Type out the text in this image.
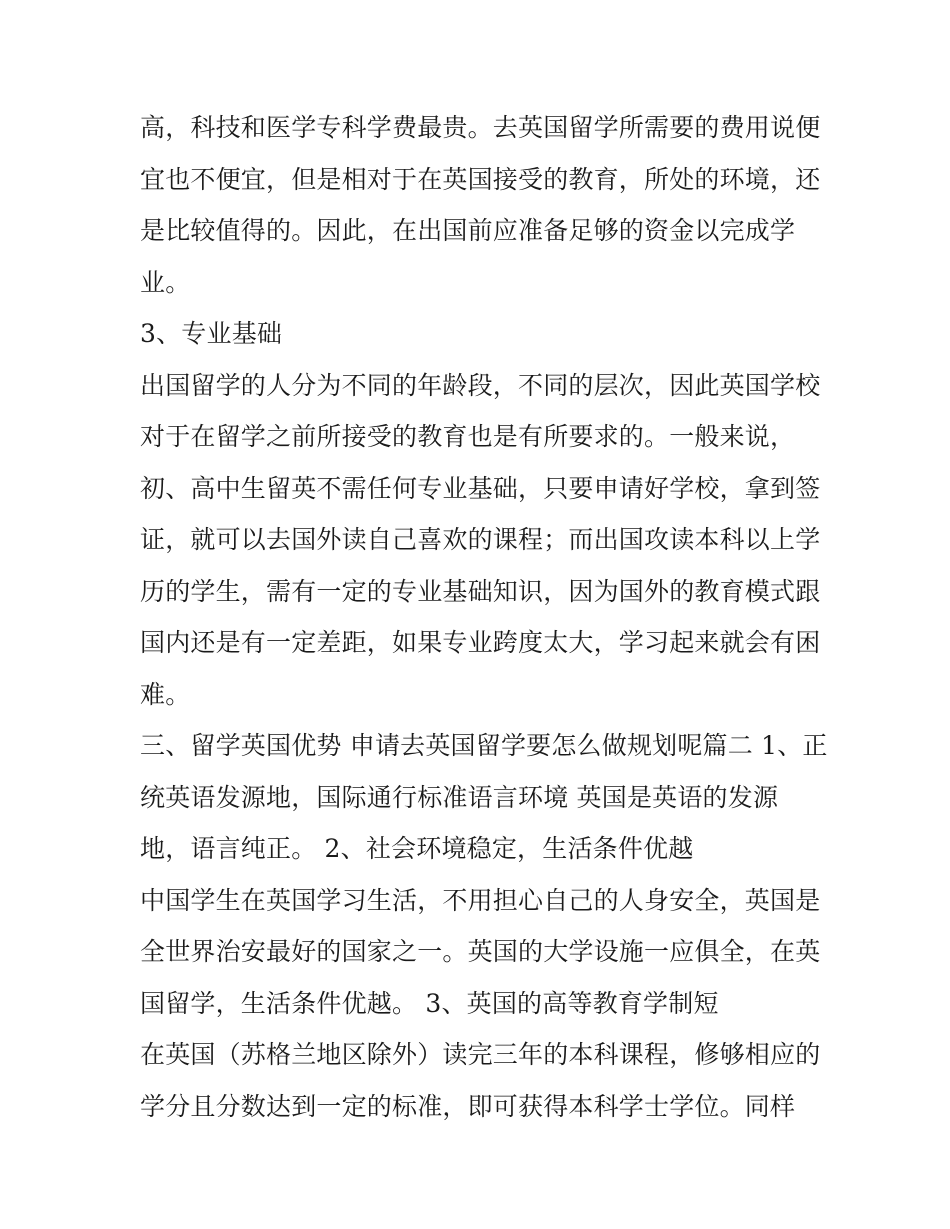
高，科技和医学专科学费最贵。去英国留学所需要的费用说便
宜也不便宜，但是相对于在英国接受的教育，所处的环境，还
是比较值得的。因此，在出国前应准备足够的资金以完成学
业。
3、专业基础
出国留学的人分为不同的年龄段，不同的层次，因此英国学校
对于在留学之前所接受的教育也是有所要求的。一般来说，
初、高中生留英不需任何专业基础，只要申请好学校，拿到签
证，就可以去国外读自己喜欢的课程；而出国攻读本科以上学
历的学生，需有一定的专业基础知识，因为国外的教育模式跟
国内还是有一定差距，如果专业跨度太大，学习起来就会有困
难。
三、留学英国优势 申请去英国留学要怎么做规划呢篇二 1、正
统英语发源地，国际通行标准语言环境 英国是英语的发源
地，语言纯正。 2、社会环境稳定，生活条件优越
中国学生在英国学习生活，不用担心自己的人身安全，英国是
全世界治安最好的国家之一。英国的大学设施一应俱全，在英
国留学，生活条件优越。 3、英国的高等教育学制短
在英国（苏格兰地区除外）读完三年的本科课程，修够相应的
学分且分数达到一定的标准，即可获得本科学士学位。同样
